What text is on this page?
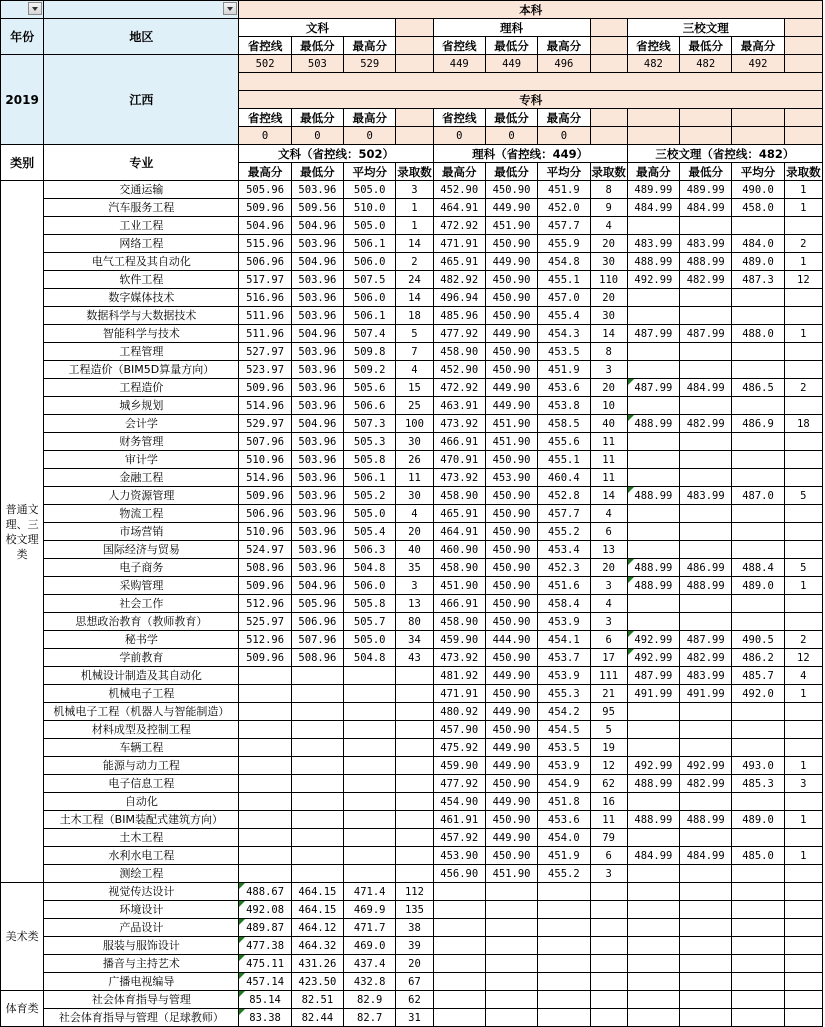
	本科											
年份	地区	文科				理科				三校文理			
		省控线	最低分	最高分		省控线	最低分	最高分		省控线	最低分	最高分	
2019	江西	502	503	529		449	449	496		482	482	492	

		专科											
		省控线	最低分	最高分		省控线	最低分	最高分					
		0	0	0		0	0	0					
类别	专业	文科（省控线：502）				理科（省控线：449）				三校文理（省控线：482）			
		最高分	最低分	平均分	录取数	最高分	最低分	平均分	录取数	最高分	最低分	平均分	录取数
普通文理、三校文理类	交通运输	505.96	503.96	505.0	3	452.90	450.90	451.9	8	489.99	489.99	490.0	1
	汽车服务工程	509.96	509.56	510.0	1	464.91	449.90	452.0	9	484.99	484.99	458.0	1
	工业工程	504.96	504.96	505.0	1	472.92	451.90	457.7	4				
	网络工程	515.96	503.96	506.1	14	471.91	450.90	455.9	20	483.99	483.99	484.0	2
	电气工程及其自动化	506.96	504.96	506.0	2	465.91	449.90	454.8	30	488.99	488.99	489.0	1
	软件工程	517.97	503.96	507.5	24	482.92	450.90	455.1	110	492.99	482.99	487.3	12
	数字媒体技术	516.96	503.96	506.0	14	496.94	450.90	457.0	20				
	数据科学与大数据技术	511.96	503.96	506.1	18	485.96	450.90	455.4	30				
	智能科学与技术	511.96	504.96	507.4	5	477.92	449.90	454.3	14	487.99	487.99	488.0	1
	工程管理	527.97	503.96	509.8	7	458.90	450.90	453.5	8				
	工程造价（BIM5D算量方向）	523.97	503.96	509.2	4	452.90	450.90	451.9	3				
	工程造价	509.96	503.96	505.6	15	472.92	449.90	453.6	20	487.99	484.99	486.5	2
	城乡规划	514.96	503.96	506.6	25	463.91	449.90	453.8	10				
	会计学	529.97	504.96	507.3	100	473.92	451.90	458.5	40	488.99	482.99	486.9	18
	财务管理	507.96	503.96	505.3	30	466.91	451.90	455.6	11				
	审计学	510.96	503.96	505.8	26	470.91	450.90	455.1	11				
	金融工程	514.96	503.96	506.1	11	473.92	453.90	460.4	11				
	人力资源管理	509.96	503.96	505.2	30	458.90	450.90	452.8	14	488.99	483.99	487.0	5
	物流工程	506.96	503.96	505.0	4	465.91	450.90	457.7	4				
	市场营销	510.96	503.96	505.4	20	464.91	450.90	455.2	6				
	国际经济与贸易	524.97	503.96	506.3	40	460.90	450.90	453.4	13				
	电子商务	508.96	503.96	504.8	35	458.90	450.90	452.3	20	488.99	486.99	488.4	5
	采购管理	509.96	504.96	506.0	3	451.90	450.90	451.6	3	488.99	488.99	489.0	1
	社会工作	512.96	505.96	505.8	13	466.91	450.90	458.4	4				
	思想政治教育（教师教育）	525.97	506.96	505.7	80	458.90	450.90	453.9	3				
	秘书学	512.96	507.96	505.0	34	459.90	444.90	454.1	6	492.99	487.99	490.5	2
	学前教育	509.96	508.96	504.8	43	473.92	450.90	453.7	17	492.99	482.99	486.2	12
	机械设计制造及其自动化					481.92	449.90	453.9	111	487.99	483.99	485.7	4
	机械电子工程					471.91	450.90	455.3	21	491.99	491.99	492.0	1
	机械电子工程（机器人与智能制造）					480.92	449.90	454.2	95				
	材料成型及控制工程					457.90	450.90	454.5	5				
	车辆工程					475.92	449.90	453.5	19				
	能源与动力工程					459.90	449.90	453.9	12	492.99	492.99	493.0	1
	电子信息工程					477.92	450.90	454.9	62	488.99	482.99	485.3	3
	自动化					454.90	449.90	451.8	16				
	土木工程（BIM装配式建筑方向）					461.91	450.90	453.6	11	488.99	488.99	489.0	1
	土木工程					457.92	449.90	454.0	79				
	水利水电工程					453.90	450.90	451.9	6	484.99	484.99	485.0	1
	测绘工程					456.90	451.90	455.2	3				
美术类	视觉传达设计	488.67	464.15	471.4	112								
	环境设计	492.08	464.15	469.9	135								
	产品设计	489.87	464.12	471.7	38								
	服装与服饰设计	477.38	464.32	469.0	39								
	播音与主持艺术	475.11	431.26	437.4	20								
	广播电视编导	457.14	423.50	432.8	67								
体育类	社会体育指导与管理	85.14	82.51	82.9	62								
	社会体育指导与管理（足球教师）	83.38	82.44	82.7	31								
